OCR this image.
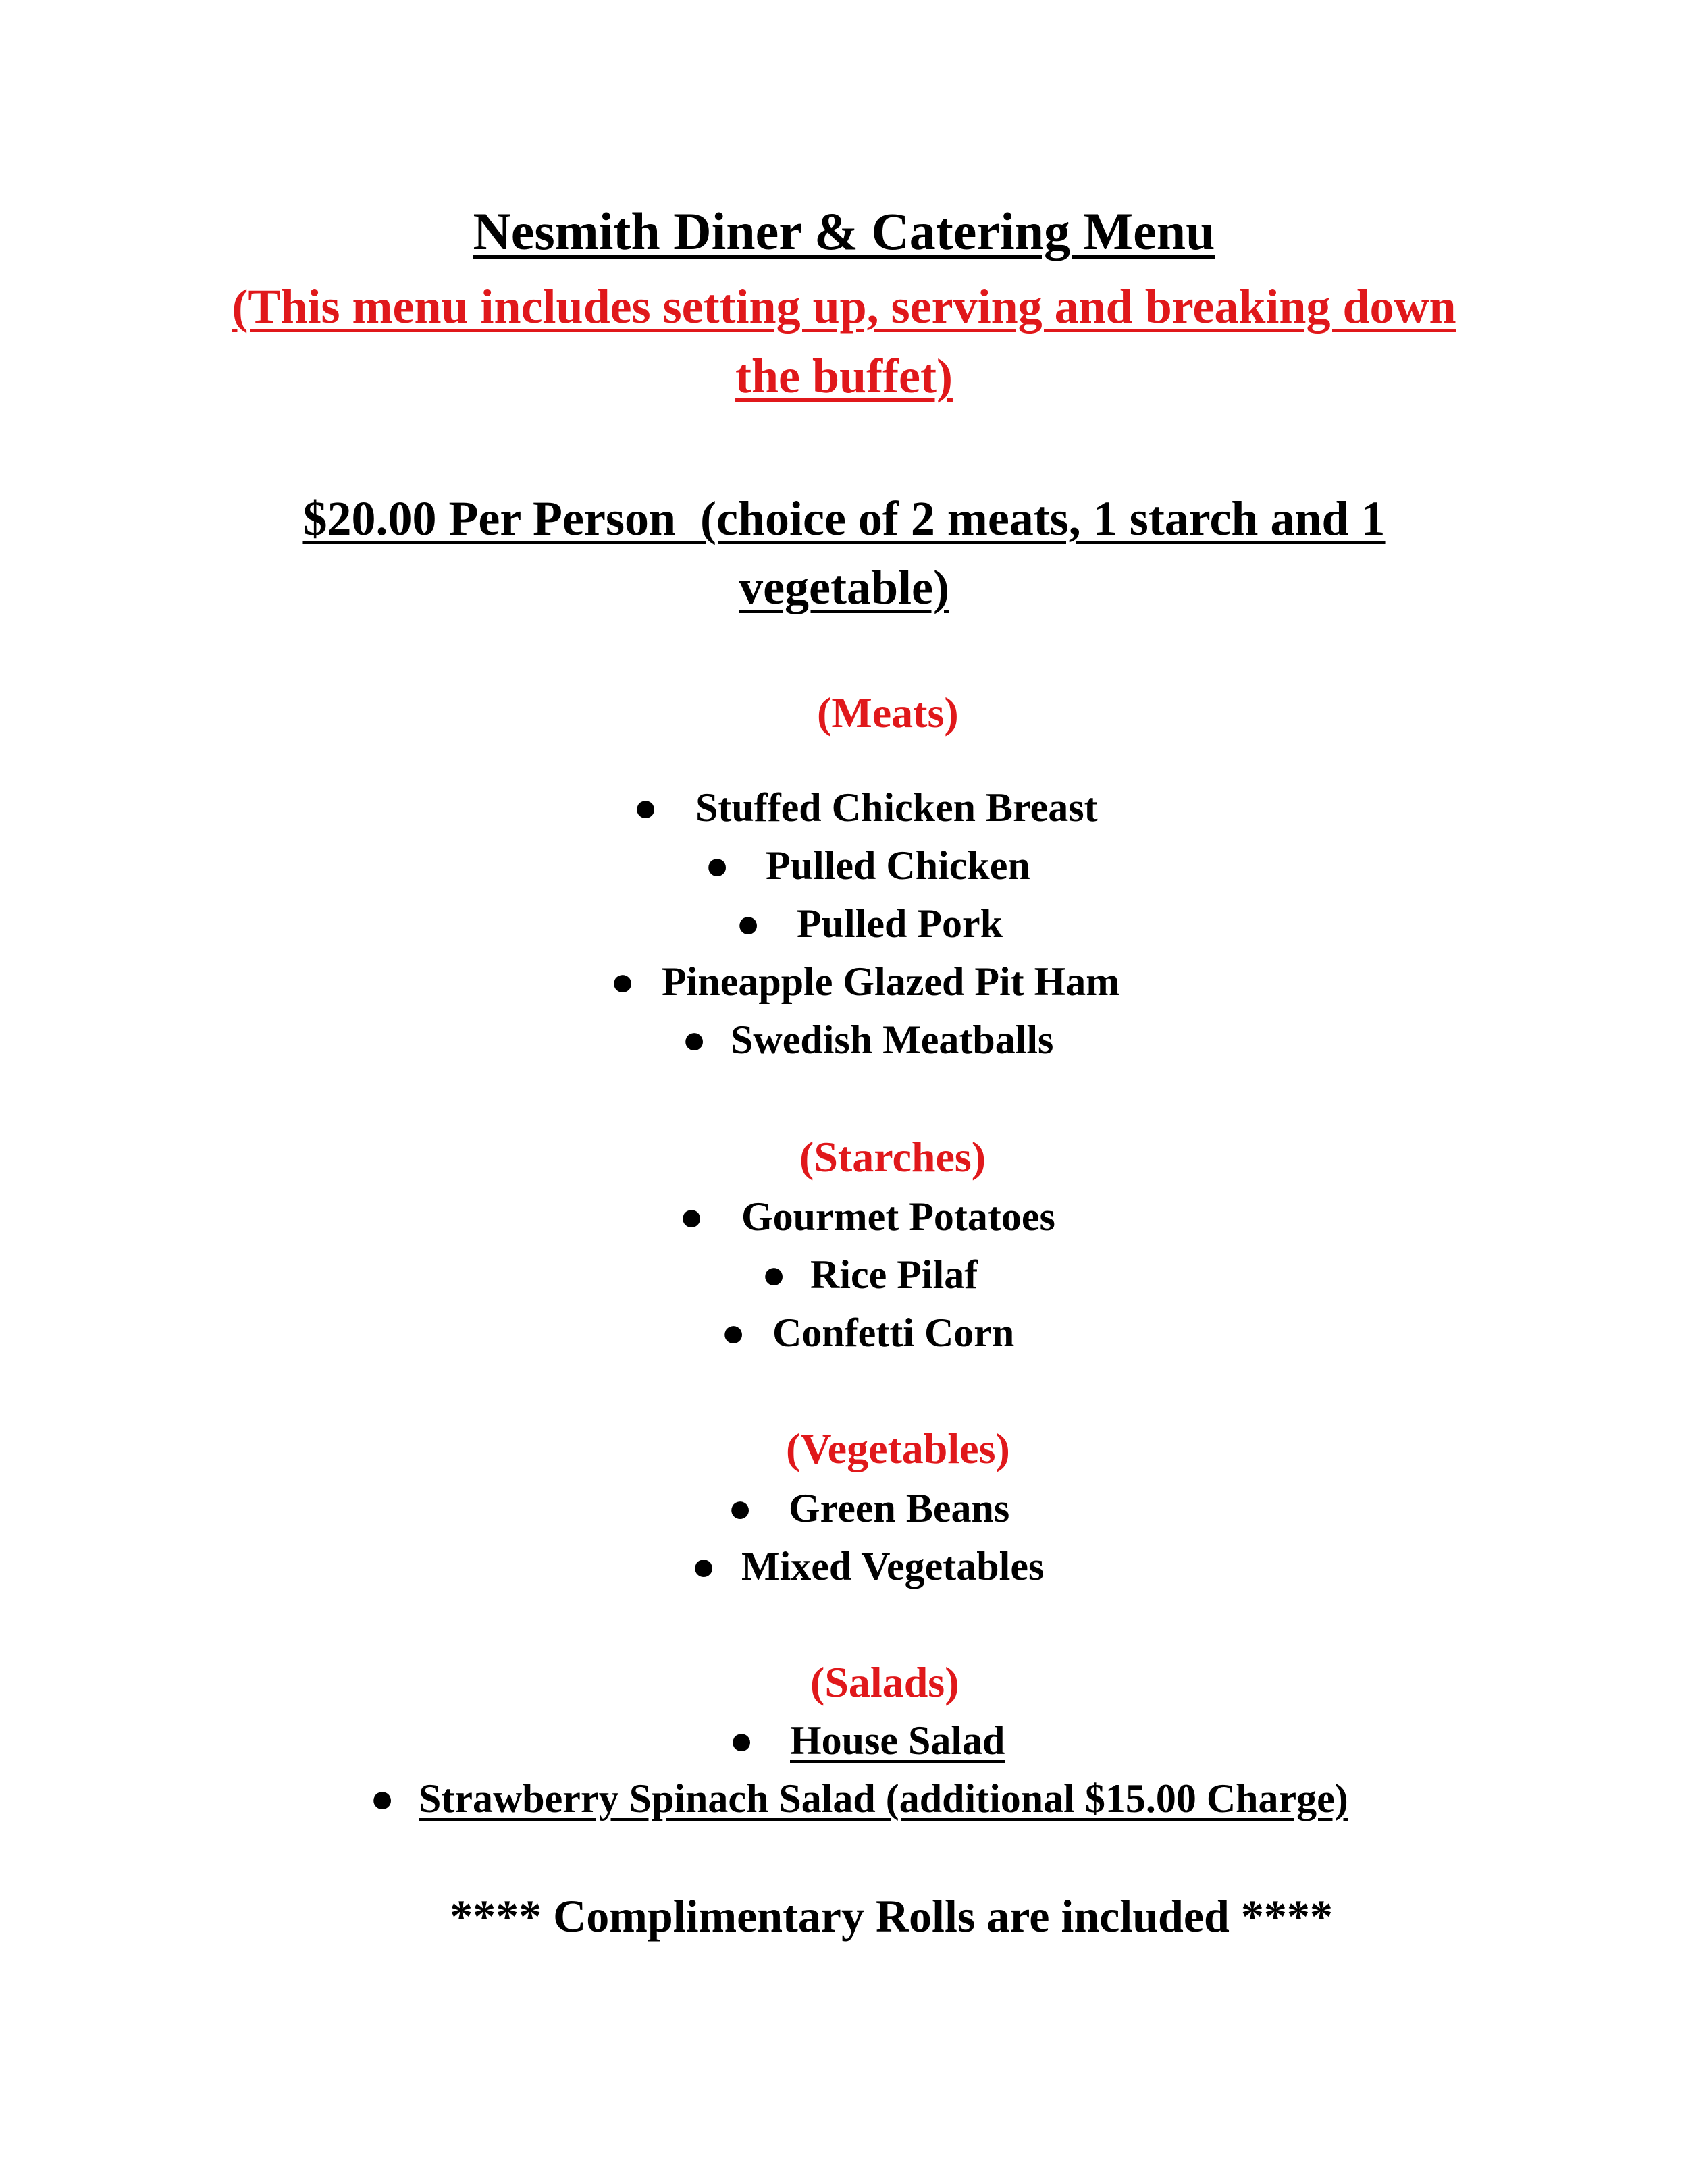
Nesmith Diner & Catering Menu
(This menu includes setting up, serving and breaking down
the buffet)
$20.00 Per Person  (choice of 2 meats, 1 starch and 1
vegetable)
(Meats)
● Stuffed Chicken Breast
● Pulled Chicken
● Pulled Pork
● Pineapple Glazed Pit Ham
● Swedish Meatballs
(Starches)
● Gourmet Potatoes
● Rice Pilaf
● Confetti Corn
(Vegetables)
● Green Beans
● Mixed Vegetables
(Salads)
● House Salad
● Strawberry Spinach Salad (additional $15.00 Charge)
**** Complimentary Rolls are included ****
